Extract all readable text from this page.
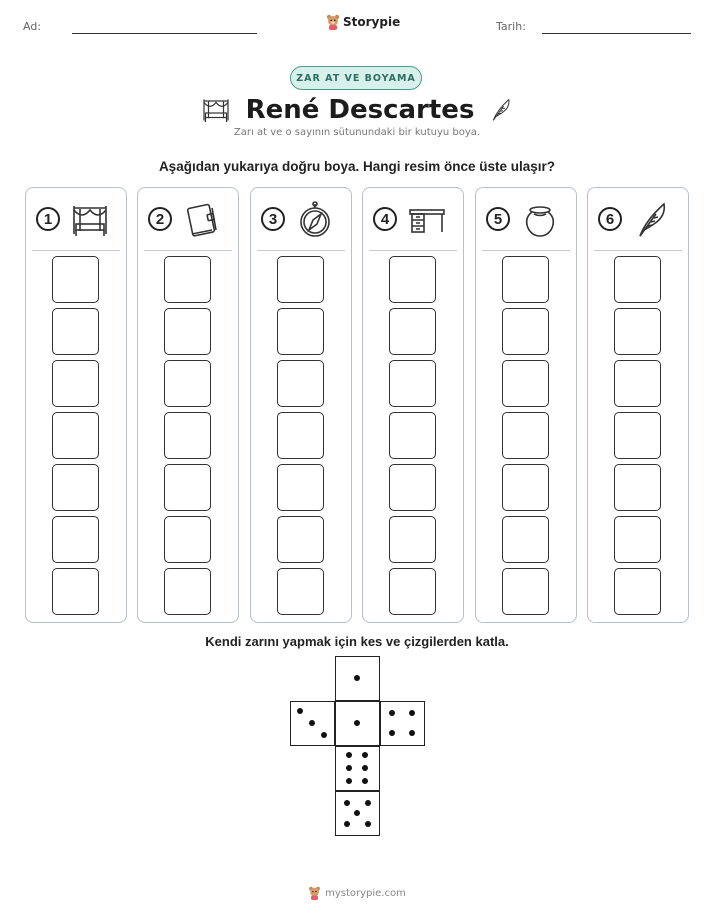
Ad:	Storypie	Tarih:
ZAR AT VE BOYAMA
René Descartes
Zarı at ve o sayının sütunundaki bir kutuyu boya.
Aşağıdan yukarıya doğru boya. Hangi resim önce üste ulaşır?
1	2	3	4	5	6
Kendi zarını yapmak için kes ve çizgilerden katla.
mystorypie.com
